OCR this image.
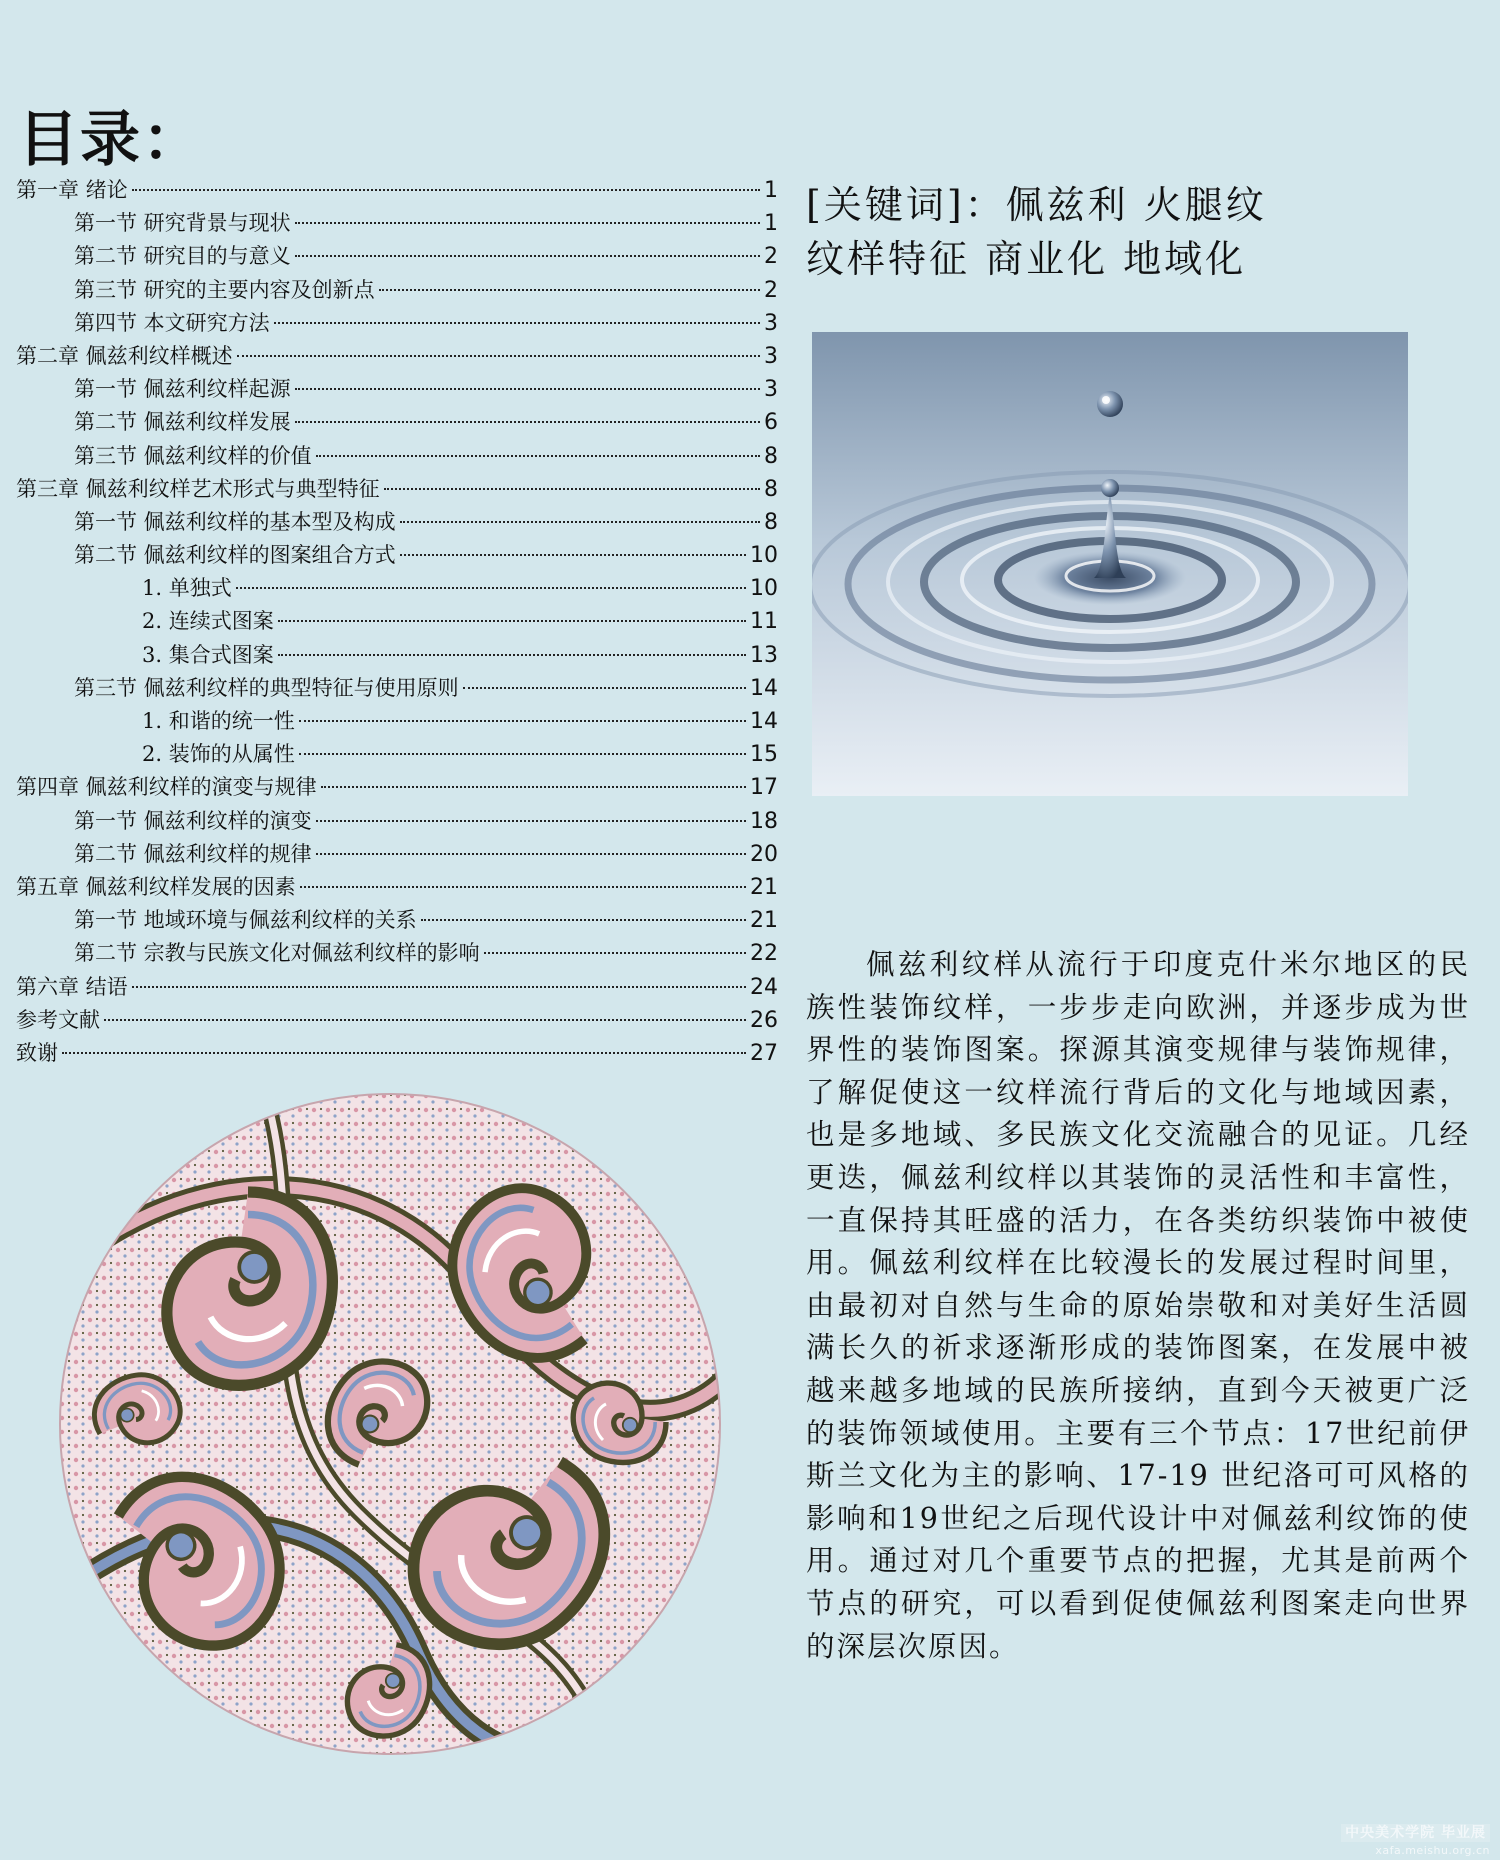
目录：
第一章 绪论	1
第一节 研究背景与现状	1
第二节 研究目的与意义	2
第三节 研究的主要内容及创新点	2
第四节 本文研究方法	3
第二章 佩兹利纹样概述	3
第一节 佩兹利纹样起源	3
第二节 佩兹利纹样发展	6
第三节 佩兹利纹样的价值	8
第三章 佩兹利纹样艺术形式与典型特征	8
第一节 佩兹利纹样的基本型及构成	8
第二节 佩兹利纹样的图案组合方式	10
1. 单独式	10
2. 连续式图案	11
3. 集合式图案	13
第三节 佩兹利纹样的典型特征与使用原则	14
1. 和谐的统一性	14
2. 装饰的从属性	15
第四章 佩兹利纹样的演变与规律	17
第一节 佩兹利纹样的演变	18
第二节 佩兹利纹样的规律	20
第五章 佩兹利纹样发展的因素	21
第一节 地域环境与佩兹利纹样的关系	21
第二节 宗教与民族文化对佩兹利纹样的影响	22
第六章 结语	24
参考文献	26
致谢	27
[关键词]：佩兹利 火腿纹
纹样特征 商业化 地域化

佩兹利纹样从流行于印度克什米尔地区的民族性装饰纹样，一步步走向欧洲，并逐步成为世界性的装饰图案。探源其演变规律与装饰规律，了解促使这一纹样流行背后的文化与地域因素，也是多地域、多民族文化交流融合的见证。几经更迭，佩兹利纹样以其装饰的灵活性和丰富性，一直保持其旺盛的活力，在各类纺织装饰中被使用。佩兹利纹样在比较漫长的发展过程时间里，由最初对自然与生命的原始崇敬和对美好生活圆满长久的祈求逐渐形成的装饰图案，在发展中被越来越多地域的民族所接纳，直到今天被更广泛的装饰领域使用。主要有三个节点：17世纪前伊斯兰文化为主的影响、17-19 世纪洛可可风格的影响和19世纪之后现代设计中对佩兹利纹饰的使用。通过对几个重要节点的把握，尤其是前两个节点的研究，可以看到促使佩兹利图案走向世界的深层次原因。

中央美术学院 毕业展
xafa.meishu.org.cn
